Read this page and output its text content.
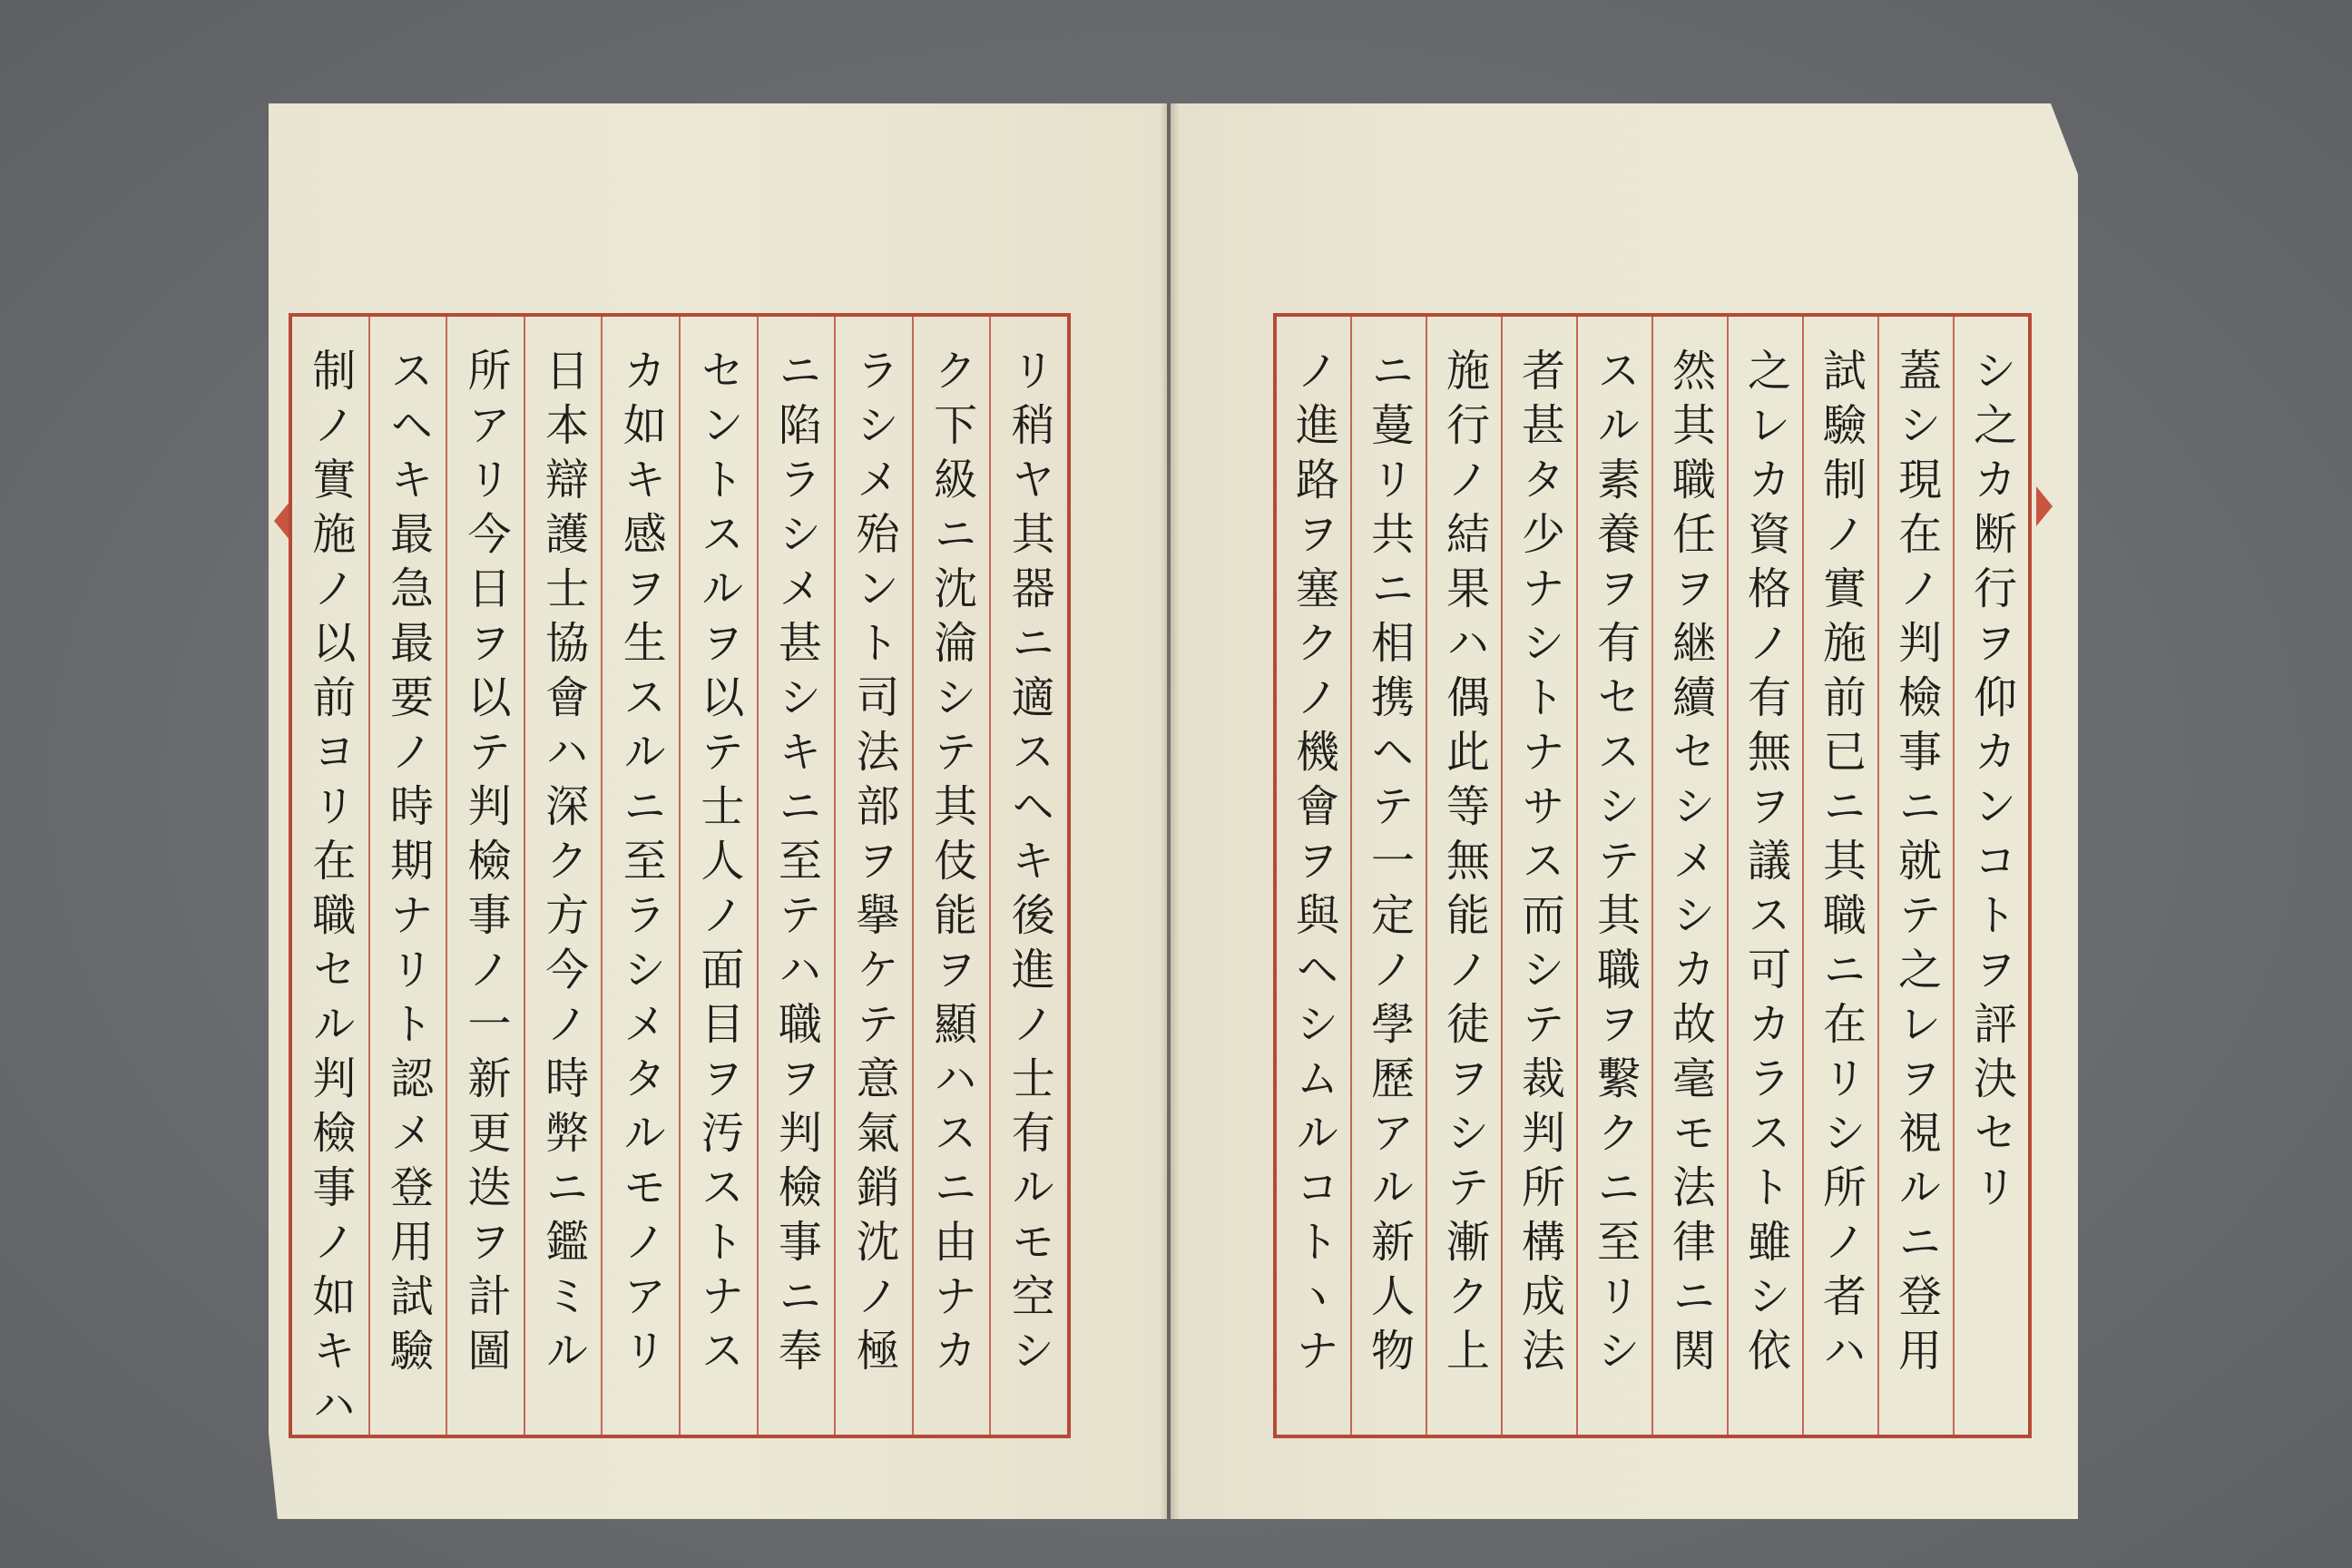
リ稍ヤ其器ニ適スヘキ後進ノ士有ルモ空シ
ク下級ニ沈淪シテ其伎能ヲ顯ハスニ由ナカ
ラシメ殆ント司法部ヲ擧ケテ意氣銷沈ノ極
ニ陷ラシメ甚シキニ至テハ職ヲ判檢事ニ奉
セントスルヲ以テ士人ノ面目ヲ汚ストナス
カ如キ感ヲ生スルニ至ラシメタルモノアリ
日本辯護士協會ハ深ク方今ノ時弊ニ鑑ミル
所アリ今日ヲ以テ判檢事ノ一新更迭ヲ計圖
スヘキ最急最要ノ時期ナリト認メ登用試驗
制ノ實施ノ以前ヨリ在職セル判檢事ノ如キハ	シ之カ断行ヲ仰カンコトヲ評決セリ
蓋シ現在ノ判檢事ニ就テ之レヲ視ルニ登用
試驗制ノ實施前已ニ其職ニ在リシ所ノ者ハ
之レカ資格ノ有無ヲ議ス可カラスト雖シ依
然其職任ヲ継續セシメシカ故毫モ法律ニ関
スル素養ヲ有セスシテ其職ヲ繫クニ至リシ
者甚タ少ナシトナサス而シテ裁判所構成法
施行ノ結果ハ偶此等無能ノ徒ヲシテ漸ク上
ニ蔓リ共ニ相携ヘテ一定ノ學歷アル新人物
ノ進路ヲ塞クノ機會ヲ與ヘシムルコトヽナ
